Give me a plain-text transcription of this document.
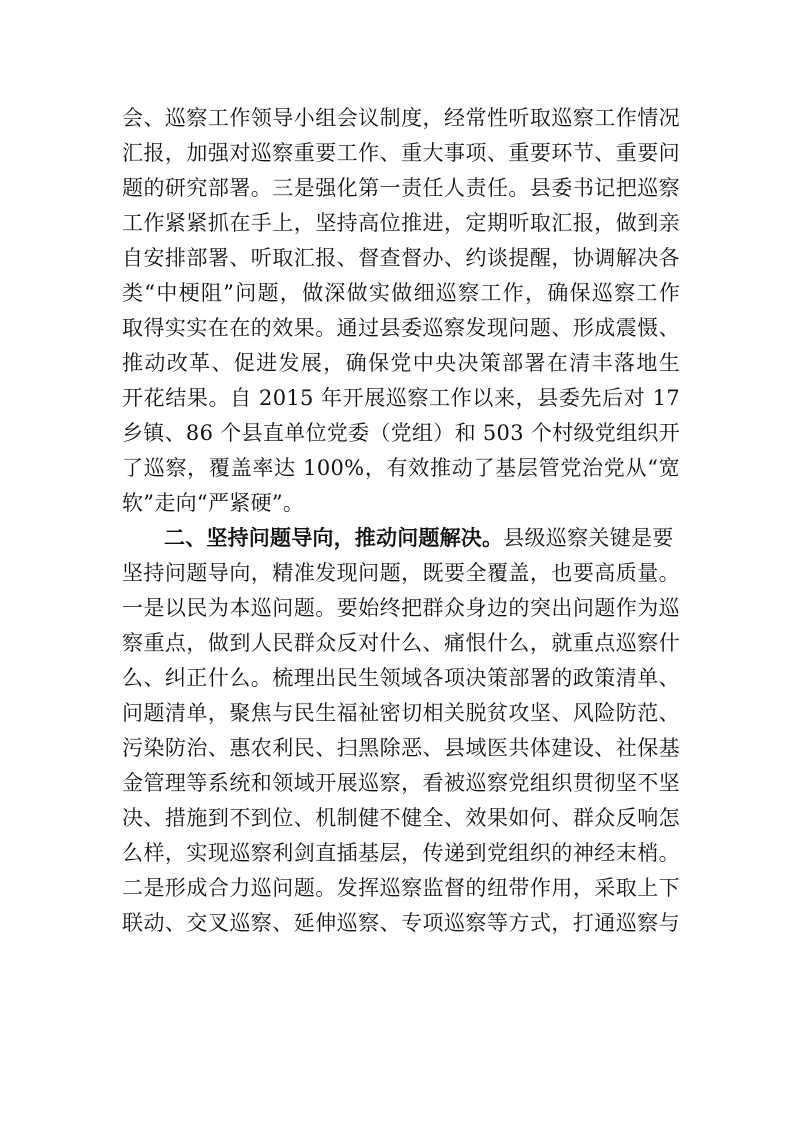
会、巡察工作领导小组会议制度，经常性听取巡察工作情况
汇报，加强对巡察重要工作、重大事项、重要环节、重要问
题的研究部署。三是强化第一责任人责任。县委书记把巡察
工作紧紧抓在手上，坚持高位推进，定期听取汇报，做到亲
自安排部署、听取汇报、督查督办、约谈提醒，协调解决各
类“中梗阻”问题，做深做实做细巡察工作，确保巡察工作
取得实实在在的效果。通过县委巡察发现问题、形成震慑、
推动改革、促进发展，确保党中央决策部署在清丰落地生
开花结果。自 2015 年开展巡察工作以来，县委先后对 17
乡镇、86 个县直单位党委（党组）和 503 个村级党组织开
了巡察，覆盖率达 100%，有效推动了基层管党治党从“宽
软”走向“严紧硬”。
二、坚持问题导向，推动问题解决。县级巡察关键是要
坚持问题导向，精准发现问题，既要全覆盖，也要高质量。
一是以民为本巡问题。要始终把群众身边的突出问题作为巡
察重点，做到人民群众反对什么、痛恨什么，就重点巡察什
么、纠正什么。梳理出民生领域各项决策部署的政策清单、
问题清单，聚焦与民生福祉密切相关脱贫攻坚、风险防范、
污染防治、惠农利民、扫黑除恶、县域医共体建设、社保基
金管理等系统和领域开展巡察，看被巡察党组织贯彻坚不坚
决、措施到不到位、机制健不健全、效果如何、群众反响怎
么样，实现巡察利剑直插基层，传递到党组织的神经末梢。
二是形成合力巡问题。发挥巡察监督的纽带作用，采取上下
联动、交叉巡察、延伸巡察、专项巡察等方式，打通巡察与
